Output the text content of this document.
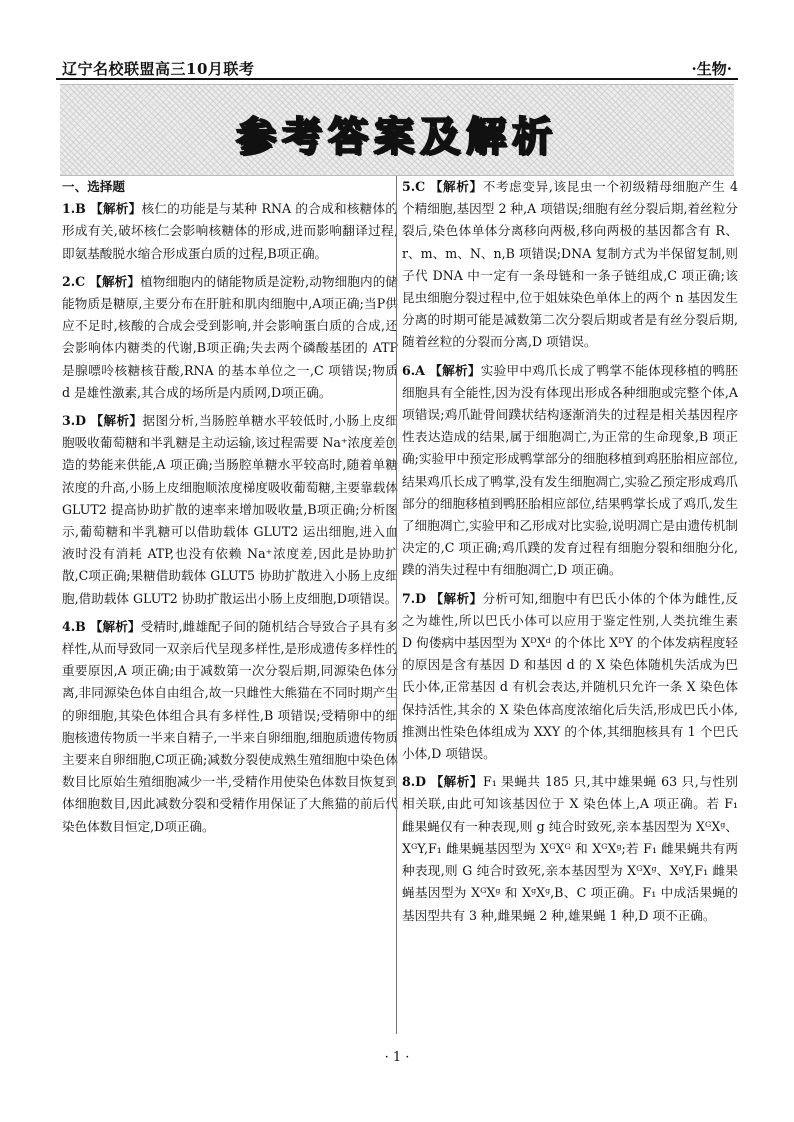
辽宁名校联盟高三10月联考	·生物·
参考答案及解析
一、选择题

1.B 【解析】核仁的功能是与某种 RNA 的合成和核糖体的形成有关,破坏核仁会影响核糖体的形成,进而影响翻译过程,即氨基酸脱水缩合形成蛋白质的过程,B项正确。

2.C 【解析】植物细胞内的储能物质是淀粉,动物细胞内的储能物质是糖原,主要分布在肝脏和肌肉细胞中,A项正确;当P供应不足时,核酸的合成会受到影响,并会影响蛋白质的合成,还会影响体内糖类的代谢,B项正确;失去两个磷酸基团的 ATP 是腺嘌呤核糖核苷酸,RNA 的基本单位之一,C 项错误;物质 d 是雄性激素,其合成的场所是内质网,D项正确。

3.D 【解析】据图分析,当肠腔单糖水平较低时,小肠上皮细胞吸收葡萄糖和半乳糖是主动运输,该过程需要 Na⁺浓度差创造的势能来供能,A 项正确;当肠腔单糖水平较高时,随着单糖浓度的升高,小肠上皮细胞顺浓度梯度吸收葡萄糖,主要靠载体 GLUT2 提高协助扩散的速率来增加吸收量,B项正确;分析图示,葡萄糖和半乳糖可以借助载体 GLUT2 运出细胞,进入血液时没有消耗 ATP,也没有依赖 Na⁺浓度差,因此是协助扩散,C项正确;果糖借助载体 GLUT5 协助扩散进入小肠上皮细胞,借助载体 GLUT2 协助扩散运出小肠上皮细胞,D项错误。

4.B 【解析】受精时,雌雄配子间的随机结合导致合子具有多样性,从而导致同一双亲后代呈现多样性,是形成遗传多样性的重要原因,A 项正确;由于减数第一次分裂后期,同源染色体分离,非同源染色体自由组合,故一只雌性大熊猫在不同时期产生的卵细胞,其染色体组合具有多样性,B 项错误;受精卵中的细胞核遗传物质一半来自精子,一半来自卵细胞,细胞质遗传物质主要来自卵细胞,C项正确;减数分裂使成熟生殖细胞中染色体数目比原始生殖细胞减少一半,受精作用使染色体数目恢复到体细胞数目,因此减数分裂和受精作用保证了大熊猫的前后代染色体数目恒定,D项正确。

5.C 【解析】不考虑变异,该昆虫一个初级精母细胞产生 4 个精细胞,基因型 2 种,A 项错误;细胞有丝分裂后期,着丝粒分裂后,染色体单体分离移向两极,移向两极的基因都含有 R、r、m、m、N、n,B 项错误;DNA 复制方式为半保留复制,则子代 DNA 中一定有一条母链和一条子链组成,C 项正确;该昆虫细胞分裂过程中,位于姐妹染色单体上的两个 n 基因发生分离的时期可能是减数第二次分裂后期或者是有丝分裂后期,随着丝粒的分裂而分离,D 项错误。

6.A 【解析】实验甲中鸡爪长成了鸭掌不能体现移植的鸭胚细胞具有全能性,因为没有体现出形成各种细胞或完整个体,A 项错误;鸡爪趾骨间蹼状结构逐渐消失的过程是相关基因程序性表达造成的结果,属于细胞凋亡,为正常的生命现象,B 项正确;实验甲中预定形成鸭掌部分的细胞移植到鸡胚胎相应部位,结果鸡爪长成了鸭掌,没有发生细胞凋亡,实验乙预定形成鸡爪部分的细胞移植到鸭胚胎相应部位,结果鸭掌长成了鸡爪,发生了细胞凋亡,实验甲和乙形成对比实验,说明凋亡是由遗传机制决定的,C 项正确;鸡爪蹼的发育过程有细胞分裂和细胞分化,蹼的消失过程中有细胞凋亡,D 项正确。

7.D 【解析】分析可知,细胞中有巴氏小体的个体为雌性,反之为雄性,所以巴氏小体可以应用于鉴定性别,人类抗维生素 D 佝偻病中基因型为 XᴰXᵈ 的个体比 XᴰY 的个体发病程度轻的原因是含有基因 D 和基因 d 的 X 染色体随机失活成为巴氏小体,正常基因 d 有机会表达,并随机只允许一条 X 染色体保持活性,其余的 X 染色体高度浓缩化后失活,形成巴氏小体,推测出性染色体组成为 XXY 的个体,其细胞核具有 1 个巴氏小体,D 项错误。

8.D 【解析】F₁ 果蝇共 185 只,其中雄果蝇 63 只,与性别相关联,由此可知该基因位于 X 染色体上,A 项正确。若 F₁ 雌果蝇仅有一种表现,则 g 纯合时致死,亲本基因型为 XᴳXᵍ、XᴳY,F₁ 雌果蝇基因型为 XᴳXᴳ 和 XᴳXᵍ;若 F₁ 雌果蝇共有两种表现,则 G 纯合时致死,亲本基因型为 XᴳXᵍ、XᵍY,F₁ 雌果蝇基因型为 XᴳXᵍ 和 XᵍXᵍ,B、C 项正确。F₁ 中成活果蝇的基因型共有 3 种,雌果蝇 2 种,雄果蝇 1 种,D 项不正确。

· 1 ·
